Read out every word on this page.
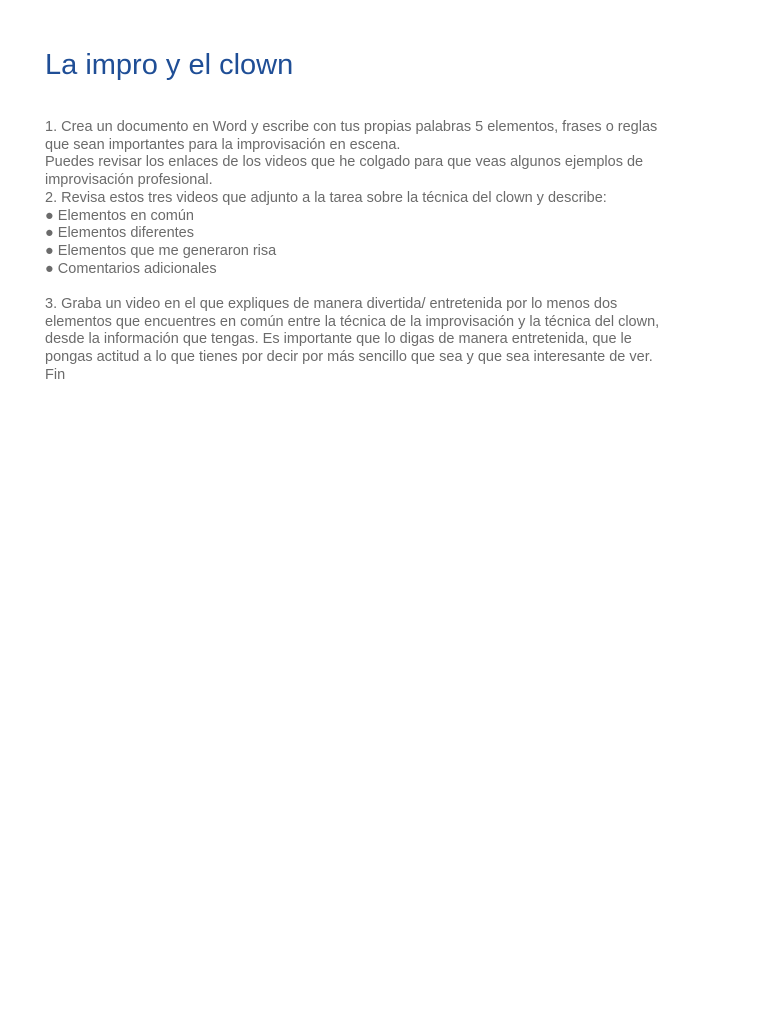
La impro y el clown
1. Crea un documento en Word y escribe con tus propias palabras 5 elementos, frases o reglas
que sean importantes para la improvisación en escena.
Puedes revisar los enlaces de los videos que he colgado para que veas algunos ejemplos de
improvisación profesional.
2. Revisa estos tres videos que adjunto a la tarea sobre la técnica del clown y describe:
● Elementos en común
● Elementos diferentes
● Elementos que me generaron risa
● Comentarios adicionales
3. Graba un video en el que expliques de manera divertida/ entretenida por lo menos dos
elementos que encuentres en común entre la técnica de la improvisación y la técnica del clown,
desde la información que tengas. Es importante que lo digas de manera entretenida, que le
pongas actitud a lo que tienes por decir por más sencillo que sea y que sea interesante de ver.
Fin
